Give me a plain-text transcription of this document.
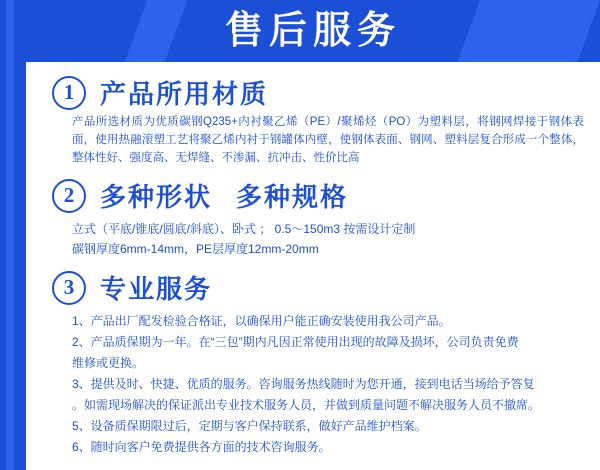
售后服务
1 产品所用材质
产品所选材质为优质碳钢Q235+内衬聚乙烯（PE）/聚烯烃（PO）为塑料层，将钢网焊接于钢体表面，使用热融滚塑工艺将聚乙烯内衬于钢罐体内壁，使钢体表面、钢网、塑料层复合形成一个整体，整体性好、强度高、无焊缝、不渗漏、抗冲击、性价比高
2 多种形状 多种规格
立式（平底/锥底/圆底/斜底）、卧式 ； 0.5～150m3 按需设计定制
碳钢厚度6mm-14mm，PE层厚度12mm-20mm
3 专业服务
1、产品出厂配发检验合格证，以确保用户能正确安装使用我公司产品。
2、产品质保期为一年。在“三包”期内凡因正常使用出现的故障及损坏，公司负责免费
维修或更换。
3、提供及时、快捷、优质的服务。咨询服务热线随时为您开通，接到电话当场给予答复
。如需现场解决的保证派出专业技术服务人员，并做到质量问题不解决服务人员不撤席。
5、设备质保期限过后，定期与客户保持联系，做好产品维护档案。
6、随时向客户免费提供各方面的技术咨询服务。
